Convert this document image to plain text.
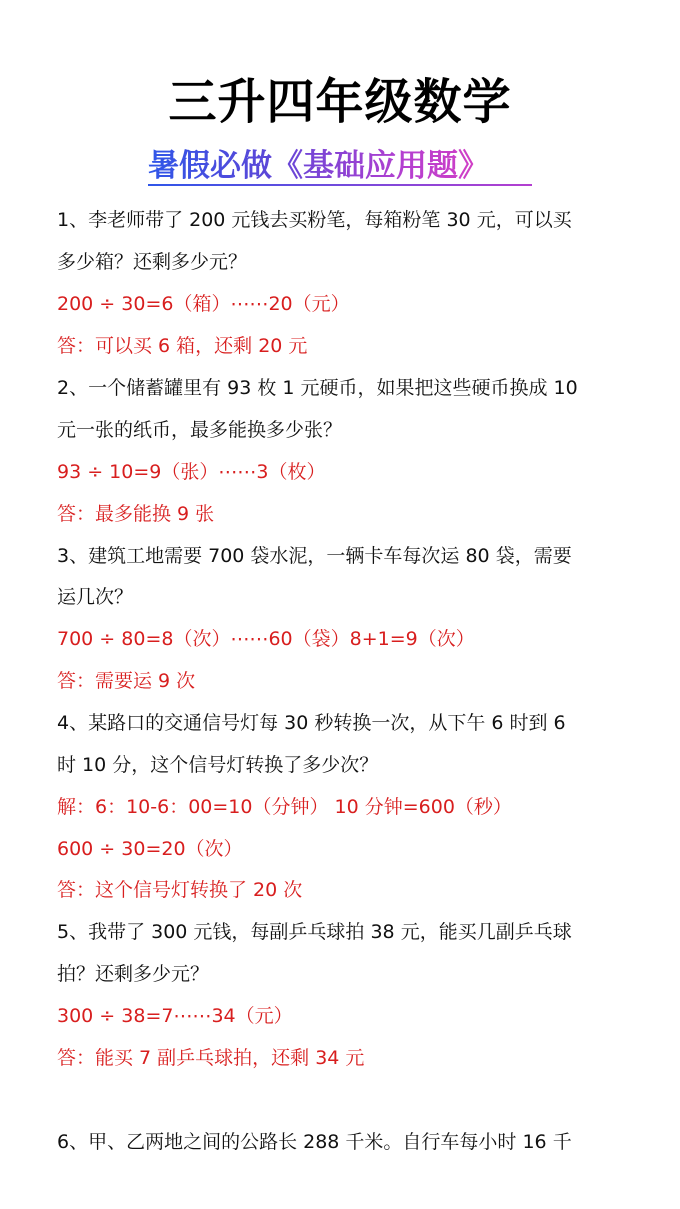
三升四年级数学
暑假必做《基础应用题》
1、李老师带了 200 元钱去买粉笔，每箱粉笔 30 元，可以买
多少箱？还剩多少元？
200 ÷ 30=6（箱）⋯⋯20（元）
答：可以买 6 箱，还剩 20 元
2、一个储蓄罐里有 93 枚 1 元硬币，如果把这些硬币换成 10
元一张的纸币，最多能换多少张？
93 ÷ 10=9（张）⋯⋯3（枚）
答：最多能换 9 张
3、建筑工地需要 700 袋水泥，一辆卡车每次运 80 袋，需要
运几次？
700 ÷ 80=8（次）⋯⋯60（袋）8+1=9（次）
答：需要运 9 次
4、某路口的交通信号灯每 30 秒转换一次，从下午 6 时到 6
时 10 分，这个信号灯转换了多少次？
解：6：10-6：00=10（分钟） 10 分钟=600（秒）
600 ÷ 30=20（次）
答：这个信号灯转换了 20 次
5、我带了 300 元钱，每副乒乓球拍 38 元，能买几副乒乓球
拍？还剩多少元？
300 ÷ 38=7⋯⋯34（元）
答：能买 7 副乒乓球拍，还剩 34 元
6、甲、乙两地之间的公路长 288 千米。自行车每小时 16 千
